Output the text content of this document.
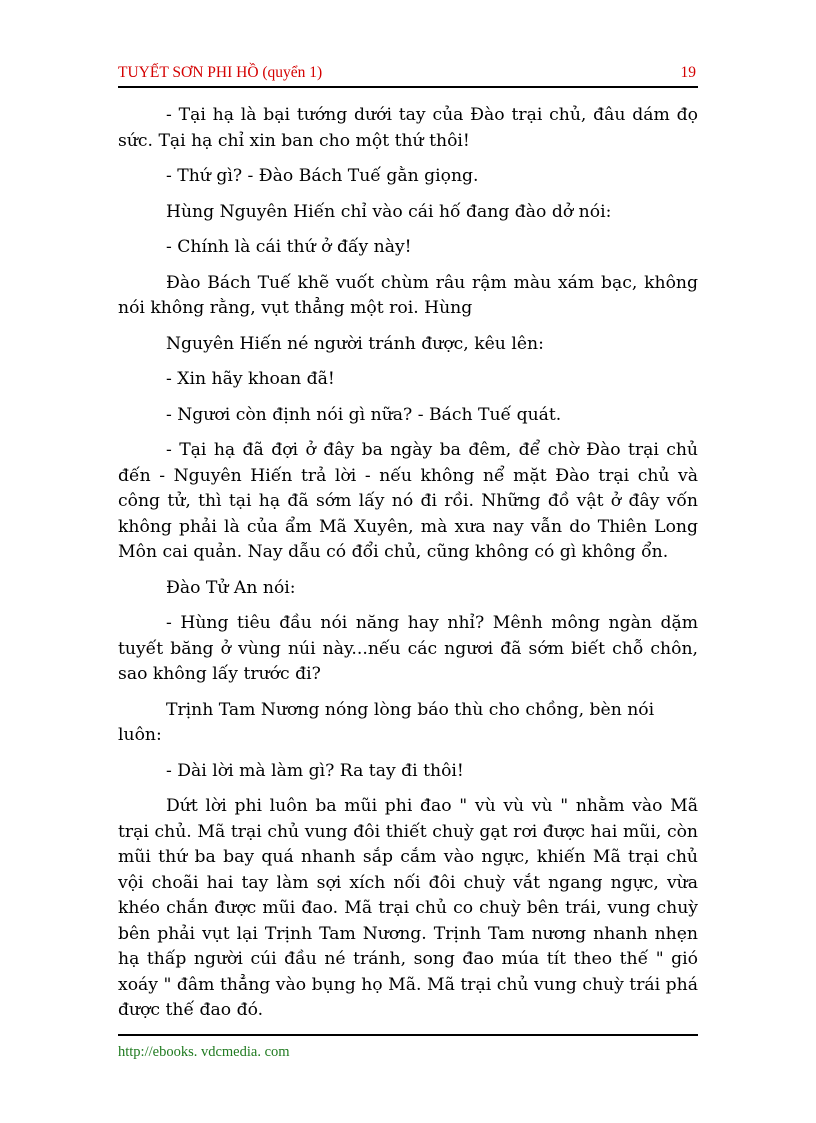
TUYẾT SƠN PHI HỒ (quyển 1)	19

- Tại hạ là bại tướng dưới tay của Đào trại chủ, đâu dám đọ sức. Tại hạ chỉ xin ban cho một thứ thôi!

- Thứ gì? - Đào Bách Tuế gằn giọng.

Hùng Nguyên Hiến chỉ vào cái hố đang đào dở nói:

- Chính là cái thứ ở đấy này!

Đào Bách Tuế khẽ vuốt chùm râu rậm màu xám bạc, không nói không rằng, vụt thẳng một roi. Hùng

Nguyên Hiến né người tránh được, kêu lên:

- Xin hãy khoan đã!

- Ngươi còn định nói gì nữa? - Bách Tuế quát.

- Tại hạ đã đợi ở đây ba ngày ba đêm, để chờ Đào trại chủ đến - Nguyên Hiến trả lời - nếu không nể mặt Đào trại chủ và công tử, thì tại hạ đã sớm lấy nó đi rồi. Những đồ vật ở đây vốn không phải là của ẩm Mã Xuyên, mà xưa nay vẫn do Thiên Long Môn cai quản. Nay dẫu có đổi chủ, cũng không có gì không ổn.

Đào Tử An nói:

- Hùng tiêu đầu nói năng hay nhỉ? Mênh mông ngàn dặm tuyết băng ở vùng núi này...nếu các ngươi đã sớm biết chỗ chôn, sao không lấy trước đi?

Trịnh Tam Nương nóng lòng báo thù cho chồng, bèn nói luôn:

- Dài lời mà làm gì? Ra tay đi thôi!

Dứt lời phi luôn ba mũi phi đao " vù vù vù " nhằm vào Mã trại chủ. Mã trại chủ vung đôi thiết chuỳ gạt rơi được hai mũi, còn mũi thứ ba bay quá nhanh sắp cắm vào ngực, khiến Mã trại chủ vội choãi hai tay làm sợi xích nối đôi chuỳ vắt ngang ngực, vừa khéo chắn được mũi đao. Mã trại chủ co chuỳ bên trái, vung chuỳ bên phải vụt lại Trịnh Tam Nương. Trịnh Tam nương nhanh nhẹn hạ thấp người cúi đầu né tránh, song đao múa tít theo thế " gió xoáy " đâm thẳng vào bụng họ Mã. Mã trại chủ vung chuỳ trái phá được thế đao đó.

http://ebooks. vdcmedia. com
